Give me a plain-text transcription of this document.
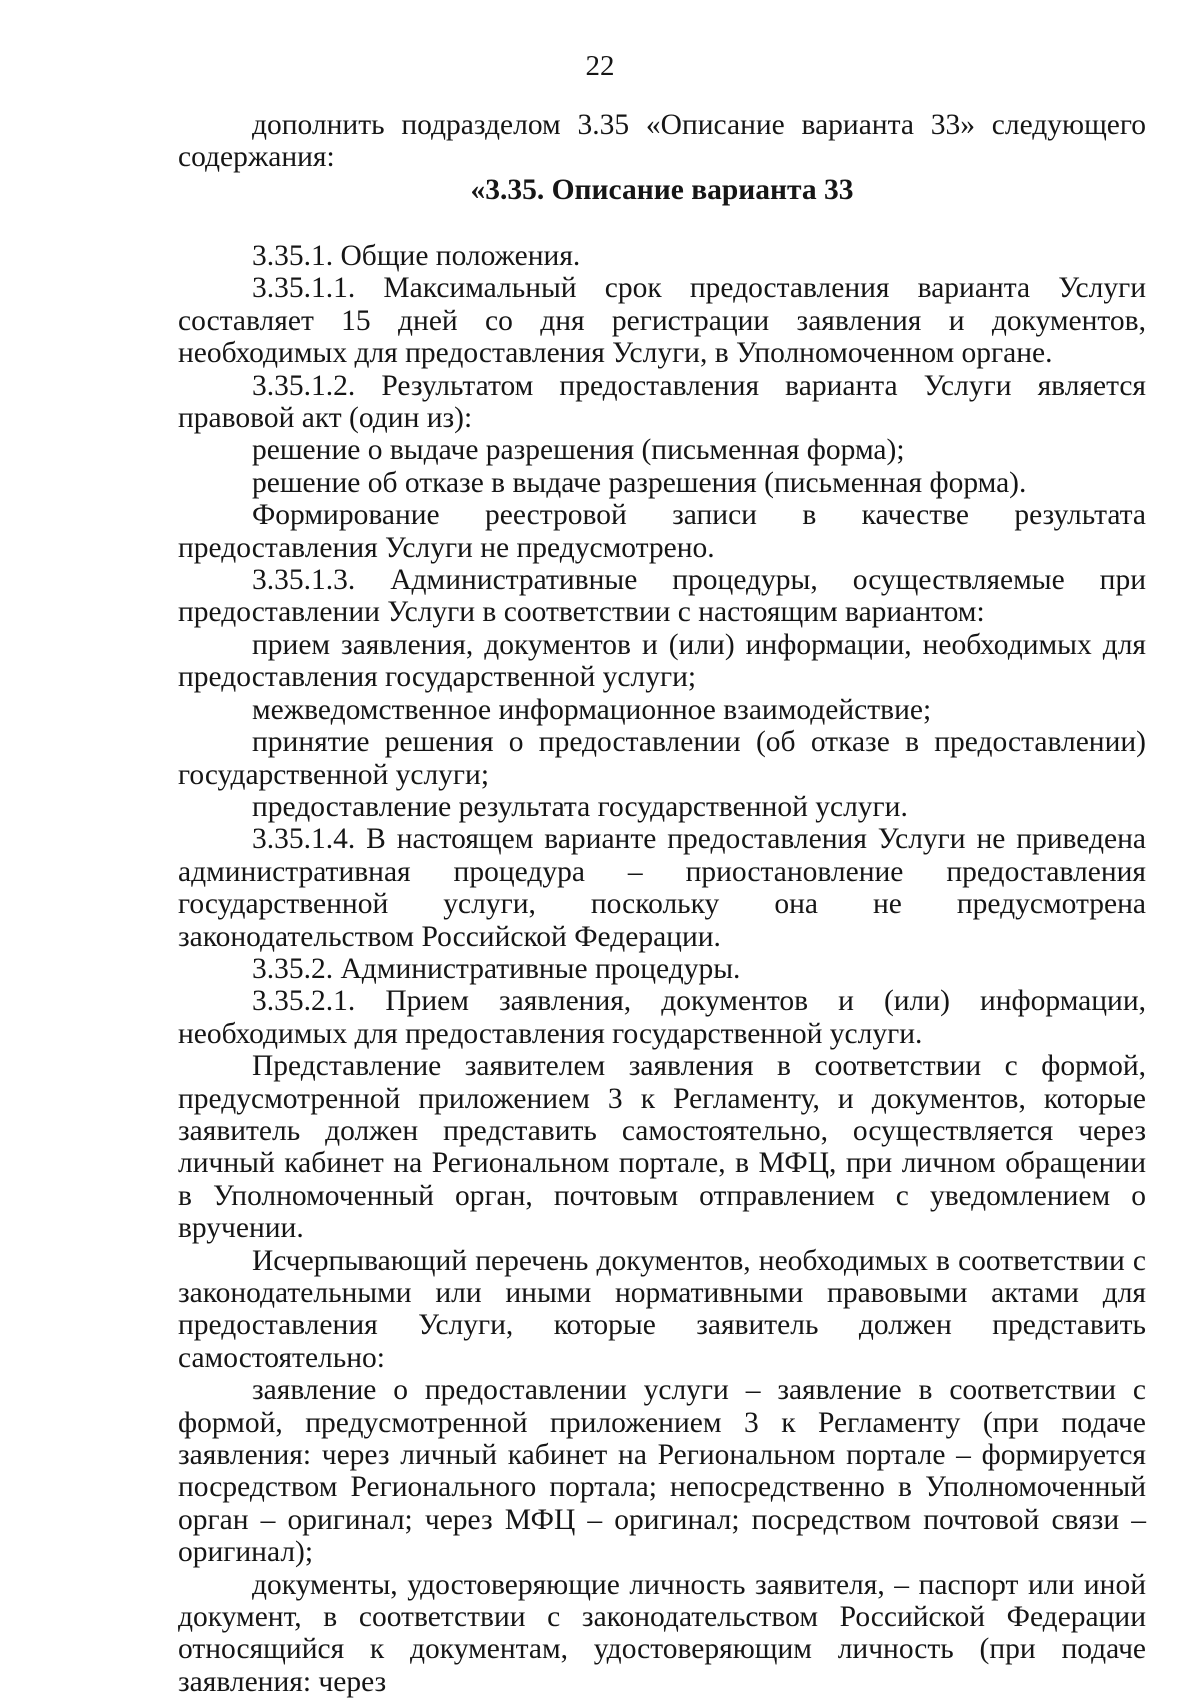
22

дополнить подразделом 3.35 «Описание варианта 33» следующего содержания:

«3.35. Описание варианта 33

3.35.1. Общие положения.

3.35.1.1. Максимальный срок предоставления варианта Услуги составляет 15 дней со дня регистрации заявления и документов, необходимых для предоставления Услуги, в Уполномоченном органе.

3.35.1.2. Результатом предоставления варианта Услуги является правовой акт (один из):

решение о выдаче разрешения (письменная форма);

решение об отказе в выдаче разрешения (письменная форма).

Формирование реестровой записи в качестве результата предоставления Услуги не предусмотрено.

3.35.1.3. Административные процедуры, осуществляемые при предоставлении Услуги в соответствии с настоящим вариантом:

прием заявления, документов и (или) информации, необходимых для предоставления государственной услуги;

межведомственное информационное взаимодействие;

принятие решения о предоставлении (об отказе в предоставлении) государственной услуги;

предоставление результата государственной услуги.

3.35.1.4. В настоящем варианте предоставления Услуги не приведена административная процедура – приостановление предоставления государственной услуги, поскольку она не предусмотрена законодательством Российской Федерации.

3.35.2. Административные процедуры.

3.35.2.1. Прием заявления, документов и (или) информации, необходимых для предоставления государственной услуги.

Представление заявителем заявления в соответствии с формой, предусмотренной приложением 3 к Регламенту, и документов, которые заявитель должен представить самостоятельно, осуществляется через личный кабинет на Региональном портале, в МФЦ, при личном обращении в Уполномоченный орган, почтовым отправлением с уведомлением о вручении.

Исчерпывающий перечень документов, необходимых в соответствии с законодательными или иными нормативными правовыми актами для предоставления Услуги, которые заявитель должен представить самостоятельно:

заявление о предоставлении услуги – заявление в соответствии с формой, предусмотренной приложением 3 к Регламенту (при подаче заявления: через личный кабинет на Региональном портале – формируется посредством Регионального портала; непосредственно в Уполномоченный орган – оригинал; через МФЦ – оригинал; посредством почтовой связи – оригинал);

документы, удостоверяющие личность заявителя, – паспорт или иной документ, в соответствии с законодательством Российской Федерации относящийся к документам, удостоверяющим личность (при подаче заявления: через
